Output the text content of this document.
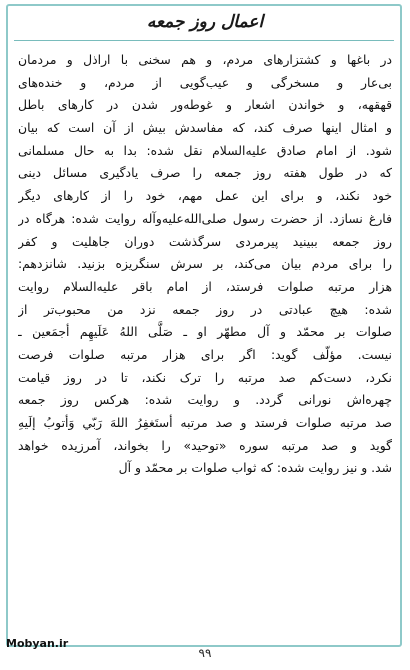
اعمال روز جمعه
در باغها و کشتزارهای مردم، و هم سخنی با اراذل و مردمان
بی‌عار و مسخرگی و عیب‌گویی از مردم، و خنده‌های
قهقهه، و خواندن اشعار و غوطه‌ور شدن در کارهای باطل
و امثال اینها صرف کند، که مفاسدش بیش از آن است که بیان
شود. از امام صادق علیه‌السلام نقل شده: بدا به حال مسلمانی
که در طول هفته روز جمعه را صرف یادگیری مسائل دینی
خود نکند، و برای این عمل مهم، خود را از کارهای دیگر
فارغ نسازد. از حضرت رسول صلی‌الله‌علیه‌وآله روایت شده: هرگاه در
روز جمعه ببینید پیرمردی سرگذشت دوران جاهلیت و کفر
را برای مردم بیان می‌کند، بر سرش سنگریزه بزنید. شانزدهم:
هزار مرتبه صلوات فرستد، از امام باقر علیه‌السلام روایت
شده: هیچ عبادتی در روز جمعه نزد من محبوب‌تر از
صلوات بر محمّد و آل مطهّر او ـ صَلَّى اللهُ عَلَيهِم أجمَعين ـ
نیست. مؤلّف گوید: اگر برای هزار مرتبه صلوات فرصت
نکرد، دست‌کم صد مرتبه را ترک نکند، تا در روز قیامت
چهره‌اش نورانی گردد. و روایت شده: هرکس روز جمعه
صد مرتبه صلوات فرستد و صد مرتبه أستَغفِرُ اللهَ رَبّي وَأتوبُ إلَيهِ
گوید و صد مرتبه سوره «توحید» را بخواند، آمرزیده خواهد
شد. و نیز روایت شده: که ثواب صلوات بر محمّد و آل
Mobyan.ir
۹۹
